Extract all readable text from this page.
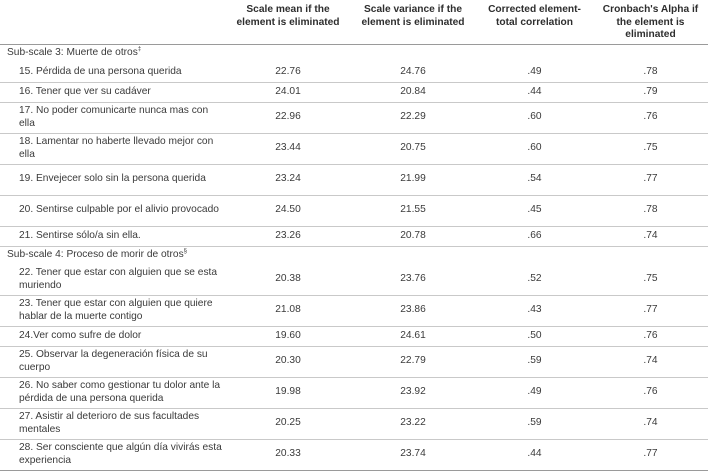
	Scale mean if the element is eliminated	Scale variance if the element is eliminated	Corrected element-total correlation	Cronbach's Alpha if the element is eliminated
Sub-scale 3: Muerte de otros‡
15. Pérdida de una persona querida	22.76	24.76	.49	.78
16. Tener que ver su cadáver	24.01	20.84	.44	.79
17. No poder comunicarte nunca mas con ella	22.96	22.29	.60	.76
18. Lamentar no haberte llevado mejor con ella	23.44	20.75	.60	.75
19. Envejecer solo sin la persona querida	23.24	21.99	.54	.77
20. Sentirse culpable por el alivio provocado	24.50	21.55	.45	.78
21. Sentirse sólo/a sin ella.	23.26	20.78	.66	.74
Sub-scale 4: Proceso de morir de otros§
22. Tener que estar con alguien que se esta muriendo	20.38	23.76	.52	.75
23. Tener que estar con alguien que quiere hablar de la muerte contigo	21.08	23.86	.43	.77
24.Ver como sufre de dolor	19.60	24.61	.50	.76
25. Observar la degeneración física de su cuerpo	20.30	22.79	.59	.74
26. No saber como gestionar tu dolor ante la pérdida de una persona querida	19.98	23.92	.49	.76
27. Asistir al deterioro de sus facultades mentales	20.25	23.22	.59	.74
28. Ser consciente que algún día vivirás esta experiencia	20.33	23.74	.44	.77
